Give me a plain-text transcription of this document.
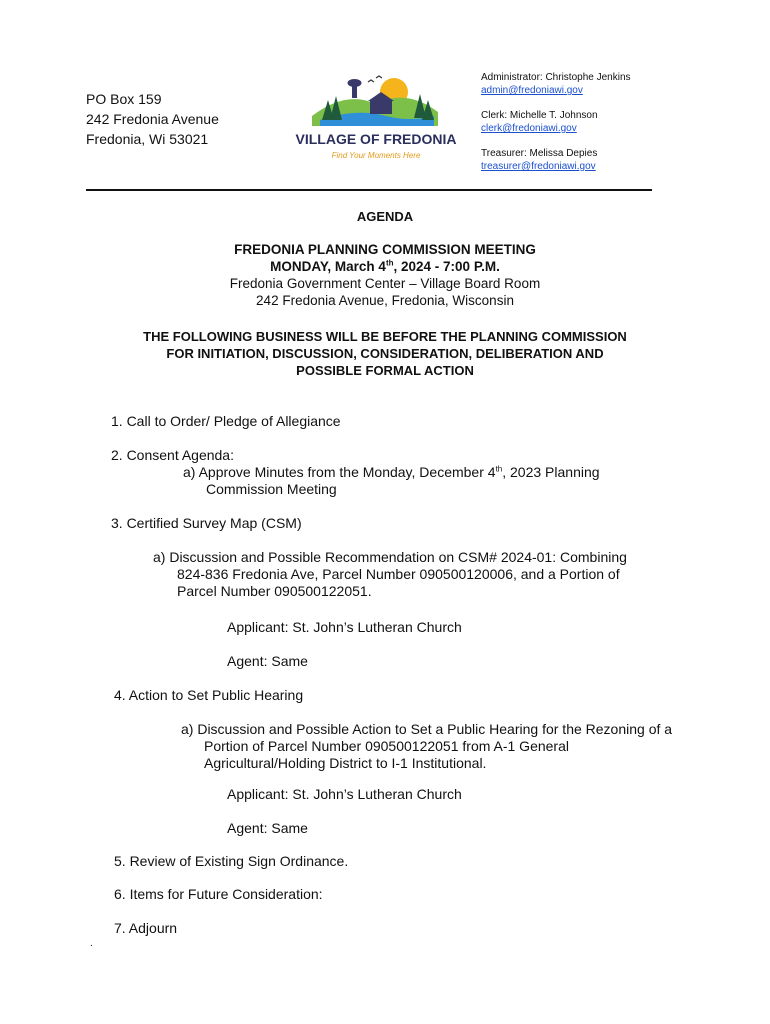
PO Box 159
242 Fredonia Avenue
Fredonia, Wi 53021	VILLAGE OF FREDONIA
Find Your Moments Here
Administrator: Christophe Jenkins
admin@fredoniawi.gov
Clerk: Michelle T. Johnson
clerk@fredoniawi.gov
Treasurer: Melissa Depies
treasurer@fredoniawi.gov
AGENDA
FREDONIA PLANNING COMMISSION MEETING
MONDAY, March 4th, 2024 - 7:00 P.M.
Fredonia Government Center – Village Board Room
242 Fredonia Avenue, Fredonia, Wisconsin
THE FOLLOWING BUSINESS WILL BE BEFORE THE PLANNING COMMISSION
FOR INITIATION, DISCUSSION, CONSIDERATION, DELIBERATION AND
POSSIBLE FORMAL ACTION
1. Call to Order/ Pledge of Allegiance
2. Consent Agenda:
a) Approve Minutes from the Monday, December 4th, 2023 Planning
Commission Meeting
3. Certified Survey Map (CSM)
a) Discussion and Possible Recommendation on CSM# 2024-01: Combining
824-836 Fredonia Ave, Parcel Number 090500120006, and a Portion of
Parcel Number 090500122051.
Applicant: St. John’s Lutheran Church
Agent: Same
4. Action to Set Public Hearing
a) Discussion and Possible Action to Set a Public Hearing for the Rezoning of a
Portion of Parcel Number 090500122051 from A-1 General
Agricultural/Holding District to I-1 Institutional.
Applicant: St. John’s Lutheran Church
Agent: Same
5. Review of Existing Sign Ordinance.
6. Items for Future Consideration:
7. Adjourn
.
